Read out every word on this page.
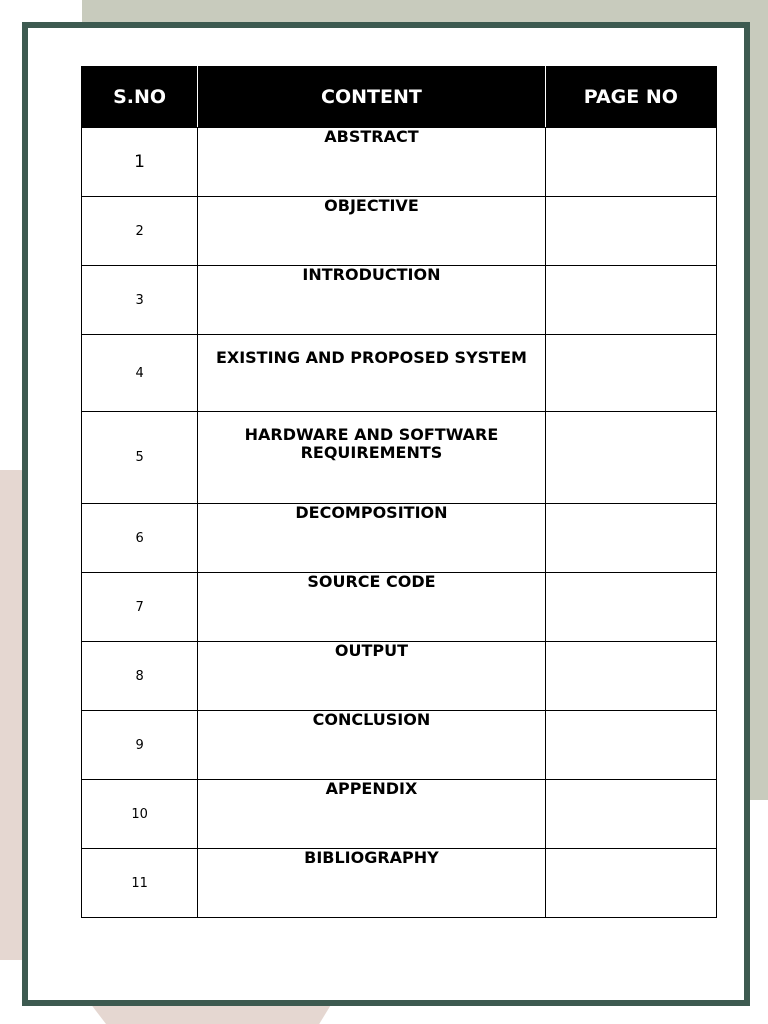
S.NO	CONTENT	PAGE NO
1	ABSTRACT	
2	OBJECTIVE	
3	INTRODUCTION	
4	EXISTING AND PROPOSED SYSTEM	
5	HARDWARE AND SOFTWARE REQUIREMENTS	
6	DECOMPOSITION	
7	SOURCE CODE	
8	OUTPUT	
9	CONCLUSION	
10	APPENDIX	
11	BIBLIOGRAPHY	
